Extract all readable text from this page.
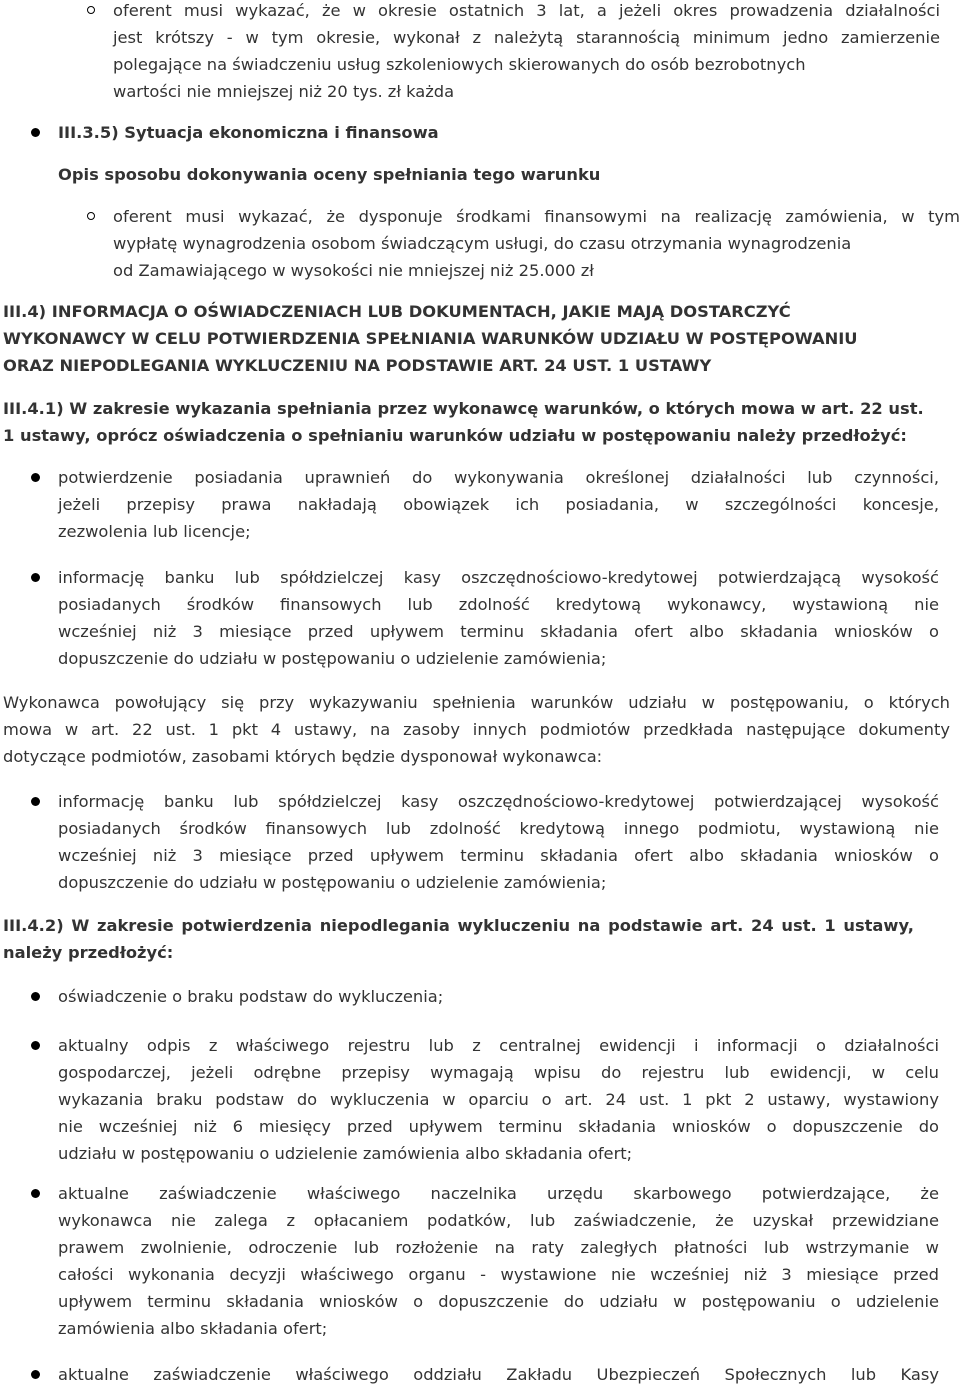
oferent musi wykazać, że w okresie ostatnich 3 lat, a jeżeli okres prowadzenia działalności
jest krótszy - w tym okresie, wykonał z należytą starannością minimum jedno zamierzenie
polegające na świadczeniu usług szkoleniowych skierowanych do osób bezrobotnych
wartości nie mniejszej niż 20 tys. zł każda
III.3.5) Sytuacja ekonomiczna i finansowa
Opis sposobu dokonywania oceny spełniania tego warunku
oferent musi wykazać, że dysponuje środkami finansowymi na realizację zamówienia, w tym
wypłatę wynagrodzenia osobom świadczącym usługi, do czasu otrzymania wynagrodzenia
od Zamawiającego w wysokości nie mniejszej niż 25.000 zł
III.4) INFORMACJA O OŚWIADCZENIACH LUB DOKUMENTACH, JAKIE MAJĄ DOSTARCZYĆ
WYKONAWCY W CELU POTWIERDZENIA SPEŁNIANIA WARUNKÓW UDZIAŁU W POSTĘPOWANIU
ORAZ NIEPODLEGANIA WYKLUCZENIU NA PODSTAWIE ART. 24 UST. 1 USTAWY
III.4.1) W zakresie wykazania spełniania przez wykonawcę warunków, o których mowa w art. 22 ust.
1 ustawy, oprócz oświadczenia o spełnianiu warunków udziału w postępowaniu należy przedłożyć:
potwierdzenie posiadania uprawnień do wykonywania określonej działalności lub czynności,
jeżeli przepisy prawa nakładają obowiązek ich posiadania, w szczególności koncesje,
zezwolenia lub licencje;
informację banku lub spółdzielczej kasy oszczędnościowo-kredytowej potwierdzającą wysokość
posiadanych środków finansowych lub zdolność kredytową wykonawcy, wystawioną nie
wcześniej niż 3 miesiące przed upływem terminu składania ofert albo składania wniosków o
dopuszczenie do udziału w postępowaniu o udzielenie zamówienia;
Wykonawca powołujący się przy wykazywaniu spełnienia warunków udziału w postępowaniu, o których
mowa w art. 22 ust. 1 pkt 4 ustawy, na zasoby innych podmiotów przedkłada następujące dokumenty
dotyczące podmiotów, zasobami których będzie dysponował wykonawca:
informację banku lub spółdzielczej kasy oszczędnościowo-kredytowej potwierdzającej wysokość
posiadanych środków finansowych lub zdolność kredytową innego podmiotu, wystawioną nie
wcześniej niż 3 miesiące przed upływem terminu składania ofert albo składania wniosków o
dopuszczenie do udziału w postępowaniu o udzielenie zamówienia;
III.4.2) W zakresie potwierdzenia niepodlegania wykluczeniu na podstawie art. 24 ust. 1 ustawy,
należy przedłożyć:
oświadczenie o braku podstaw do wykluczenia;
aktualny odpis z właściwego rejestru lub z centralnej ewidencji i informacji o działalności
gospodarczej, jeżeli odrębne przepisy wymagają wpisu do rejestru lub ewidencji, w celu
wykazania braku podstaw do wykluczenia w oparciu o art. 24 ust. 1 pkt 2 ustawy, wystawiony
nie wcześniej niż 6 miesięcy przed upływem terminu składania wniosków o dopuszczenie do
udziału w postępowaniu o udzielenie zamówienia albo składania ofert;
aktualne zaświadczenie właściwego naczelnika urzędu skarbowego potwierdzające, że
wykonawca nie zalega z opłacaniem podatków, lub zaświadczenie, że uzyskał przewidziane
prawem zwolnienie, odroczenie lub rozłożenie na raty zaległych płatności lub wstrzymanie w
całości wykonania decyzji właściwego organu - wystawione nie wcześniej niż 3 miesiące przed
upływem terminu składania wniosków o dopuszczenie do udziału w postępowaniu o udzielenie
zamówienia albo składania ofert;
aktualne zaświadczenie właściwego oddziału Zakładu Ubezpieczeń Społecznych lub Kasy
